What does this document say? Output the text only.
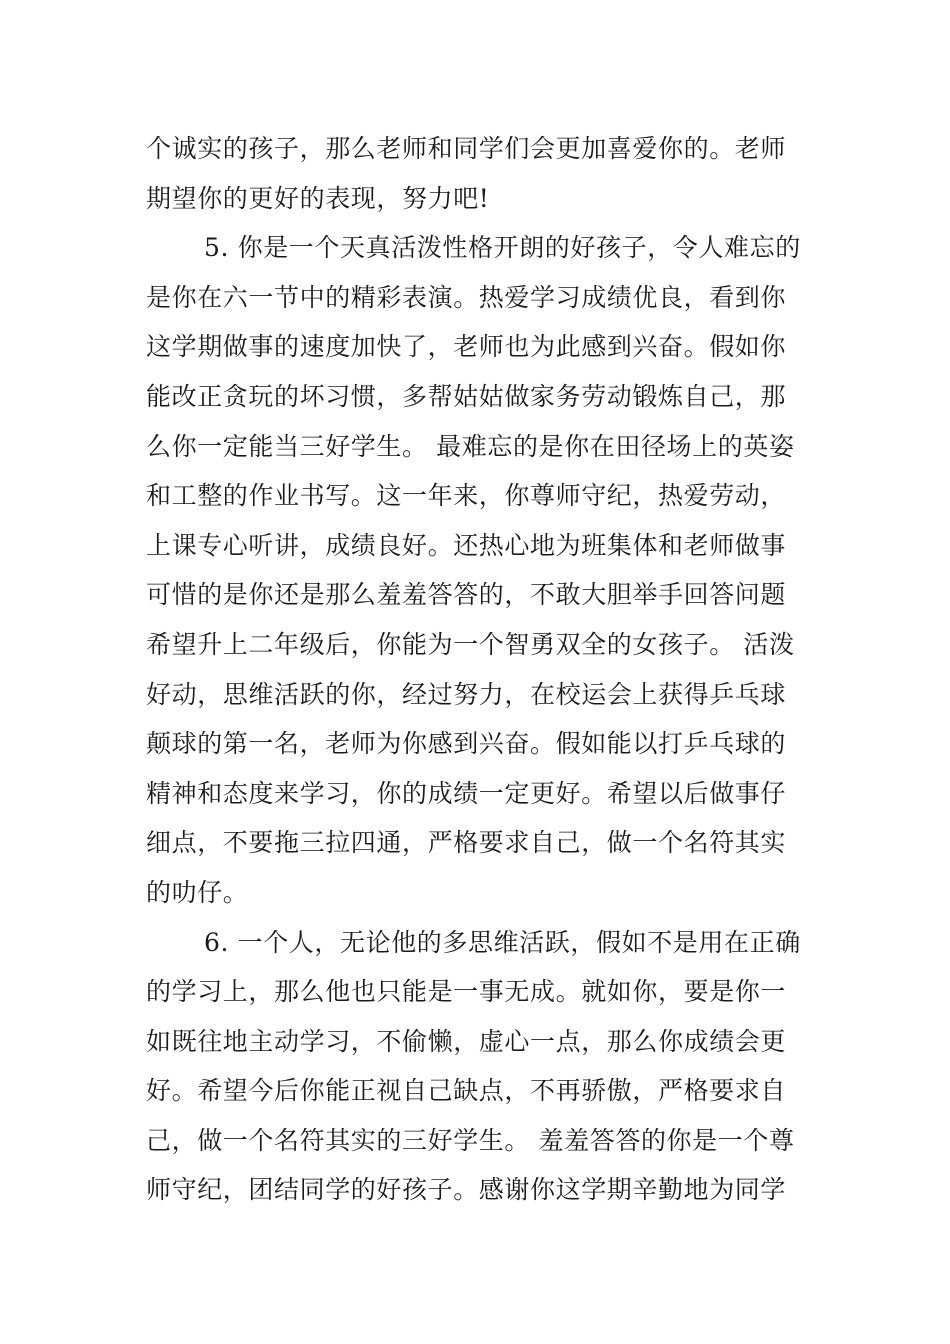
个诚实的孩子，那么老师和同学们会更加喜爱你的。老师
期望你的更好的表现，努力吧!
5. 你是一个天真活泼性格开朗的好孩子，令人难忘的
是你在六一节中的精彩表演。热爱学习成绩优良，看到你
这学期做事的速度加快了，老师也为此感到兴奋。假如你
能改正贪玩的坏习惯，多帮姑姑做家务劳动锻炼自己，那
么你一定能当三好学生。 最难忘的是你在田径场上的英姿
和工整的作业书写。这一年来，你尊师守纪，热爱劳动，
上课专心听讲，成绩良好。还热心地为班集体和老师做事
可惜的是你还是那么羞羞答答的，不敢大胆举手回答问题
希望升上二年级后，你能为一个智勇双全的女孩子。 活泼
好动，思维活跃的你，经过努力，在校运会上获得乒乓球
颠球的第一名，老师为你感到兴奋。假如能以打乒乓球的
精神和态度来学习，你的成绩一定更好。希望以后做事仔
细点，不要拖三拉四通，严格要求自己，做一个名符其实
的叻仔。
6. 一个人，无论他的多思维活跃，假如不是用在正确
的学习上，那么他也只能是一事无成。就如你，要是你一
如既往地主动学习，不偷懒，虚心一点，那么你成绩会更
好。希望今后你能正视自己缺点，不再骄傲，严格要求自
己，做一个名符其实的三好学生。 羞羞答答的你是一个尊
师守纪，团结同学的好孩子。感谢你这学期辛勤地为同学
